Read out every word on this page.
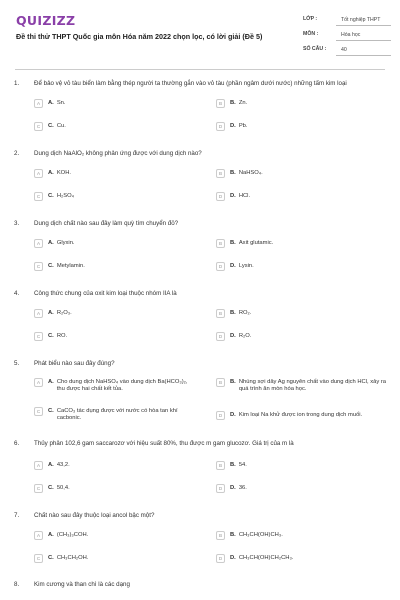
QUIZIZZ
Đề thi thử THPT Quốc gia môn Hóa năm 2022 chọn lọc, có lời giải (Đề 5)
LỚP :	Tốt nghiệp THPT
MÔN :	Hóa học
SỐ CÂU :	40
1. Để bảo vệ vỏ tàu biển làm bằng thép người ta thường gắn vào vỏ tàu (phần ngâm dưới nước) những tấm kim loại
A	A. Sn.	B	B. Zn.
C	C. Cu.	D	D. Pb.
2. Dung dịch NaAlO₂ không phản ứng được với dung dịch nào?
A	A. KOH.	B	B. NaHSO₄.
C	C. H₂SO₄	D	D. HCl.
3. Dung dịch chất nào sau đây làm quỳ tím chuyển đỏ?
A	A. Glyxin.	B	B. Axit glutamic.
C	C. Metylamin.	D	D. Lysin.
4. Công thức chung của oxit kim loại thuộc nhóm IIA là
A	A. R₂O₃.	B	B. RO₂.
C	C. RO.	D	D. R₂O.
5. Phát biểu nào sau đây đúng?
A	A. Cho dung dịch NaHSO₄ vào dung dịch Ba(HCO₃)₂, thu được hai chất kết tủa.
B	B. Nhúng sợi dây Ag nguyên chất vào dung dịch HCl, xảy ra quá trình ăn mòn hóa học.
C	C. CaCO₃ tác dụng được với nước có hòa tan khí cacbonic.	D	D. Kim loại Na khử được ion trong dung dịch muối.
6. Thủy phân 102,6 gam saccarozơ với hiệu suất 80%, thu được m gam glucozơ. Giá trị của m là
A	A. 43,2.	B	B. 54.
C	C. 50,4.	D	D. 36.
7. Chất nào sau đây thuộc loại ancol bậc một?
A	A. (CH₃)₃COH.	B	B. CH₃CH(OH)CH₃.
C	C. CH₃CH₂OH.	D	D. CH₃CH(OH)CH₂CH₃.
8. Kim cương và than chì là các dạng
